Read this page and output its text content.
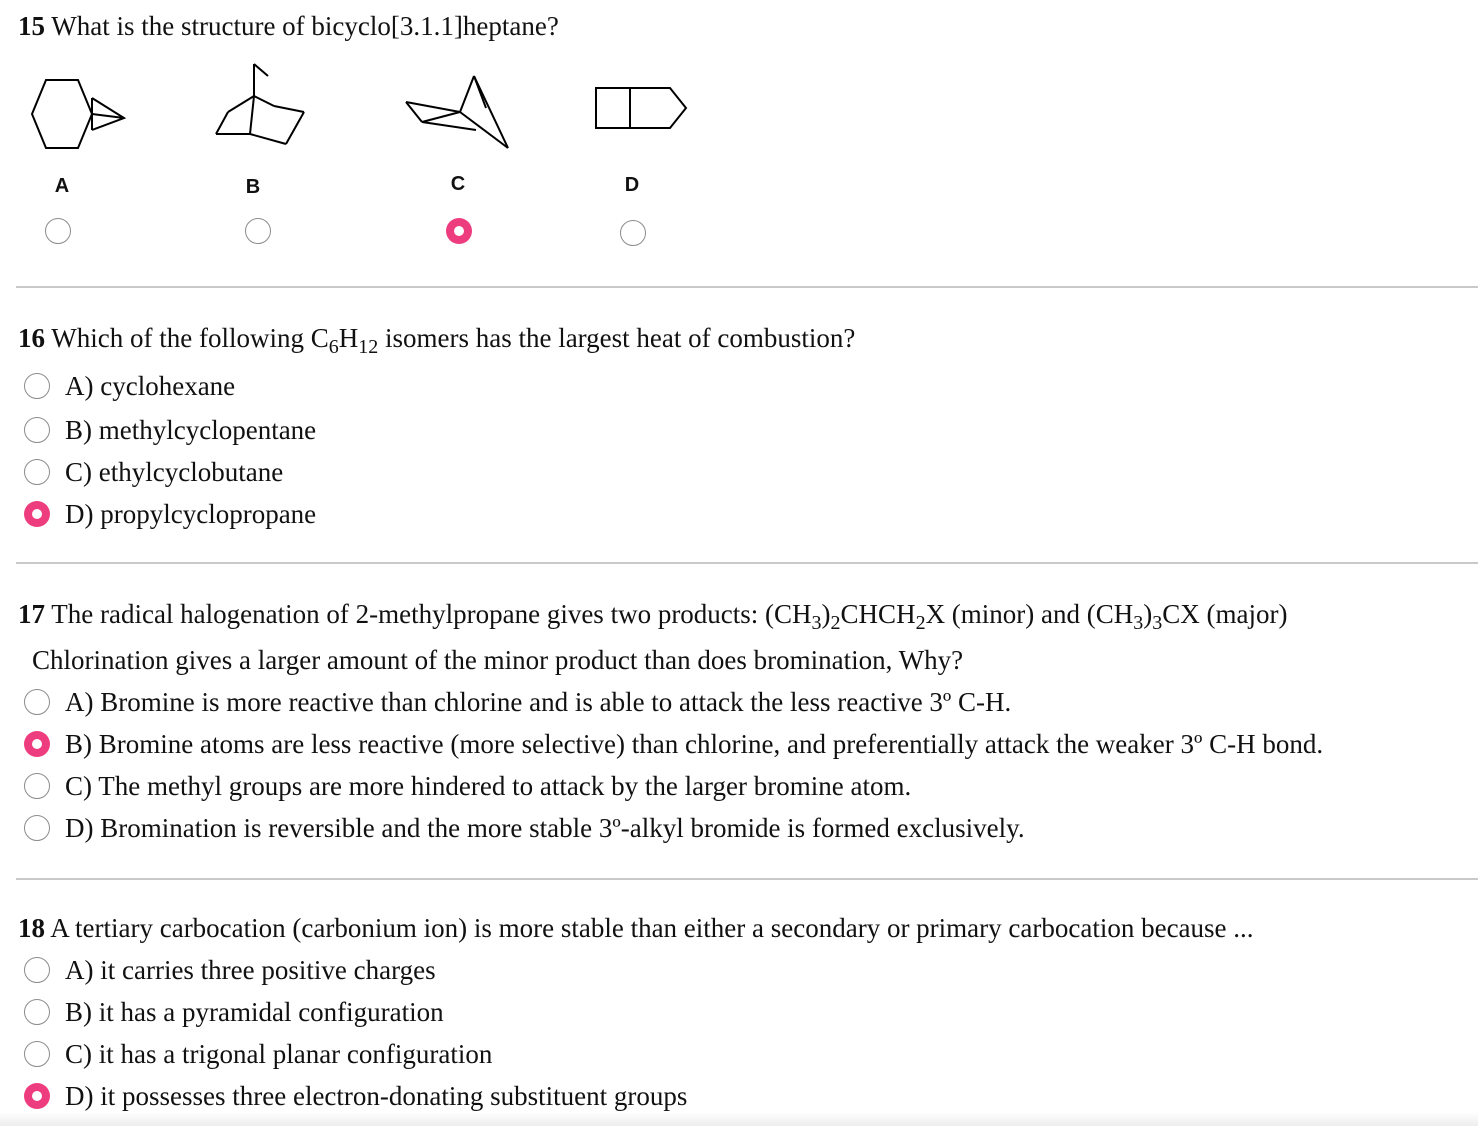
15 What is the structure of bicyclo[3.1.1]heptane?
A	B	C	D
16 Which of the following $C_6H_{12}$ isomers has the largest heat of combustion?
A) cyclohexane
B) methylcyclopentane
C) ethylcyclobutane
D) propylcyclopropane
17 The radical halogenation of 2-methylpropane gives two products: $(CH_3)_2CHCH_2X$ (minor) and $(CH_3)_3CX$ (major)
Chlorination gives a larger amount of the minor product than does bromination, Why?
A) Bromine is more reactive than chlorine and is able to attack the less reactive 3º C-H.
B) Bromine atoms are less reactive (more selective) than chlorine, and preferentially attack the weaker 3º C-H bond.
C) The methyl groups are more hindered to attack by the larger bromine atom.
D) Bromination is reversible and the more stable 3º-alkyl bromide is formed exclusively.
18 A tertiary carbocation (carbonium ion) is more stable than either a secondary or primary carbocation because ...
A) it carries three positive charges
B) it has a pyramidal configuration
C) it has a trigonal planar configuration
D) it possesses three electron-donating substituent groups
